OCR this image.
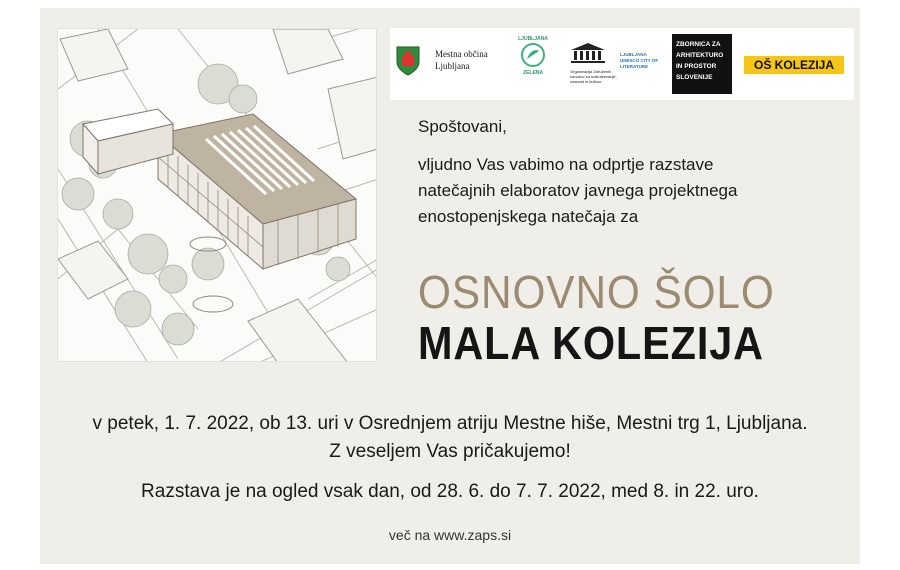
Mestna občina
Ljubljana
LJUBLJANA
ZELENA	Organizacija Združenih narodov za izobraževanje, znanost in kulturo
LJUBLJANA UNESCO CITY OF LITERATURE
ZBORNICA ZA
ARHITEKTURO
IN PROSTOR
SLOVENIJE
OŠ KOLEZIJA
Spoštovani,
vljudno Vas vabimo na odprtje razstave
natečajnih elaboratov javnega projektnega
enostopenjskega natečaja za
OSNOVNO ŠOLO
MALA KOLEZIJA
v petek, 1. 7. 2022, ob 13. uri v Osrednjem atriju Mestne hiše, Mestni trg 1, Ljubljana.
Z veseljem Vas pričakujemo!
Razstava je na ogled vsak dan, od 28. 6. do 7. 7. 2022, med 8. in 22. uro.
več na www.zaps.si
